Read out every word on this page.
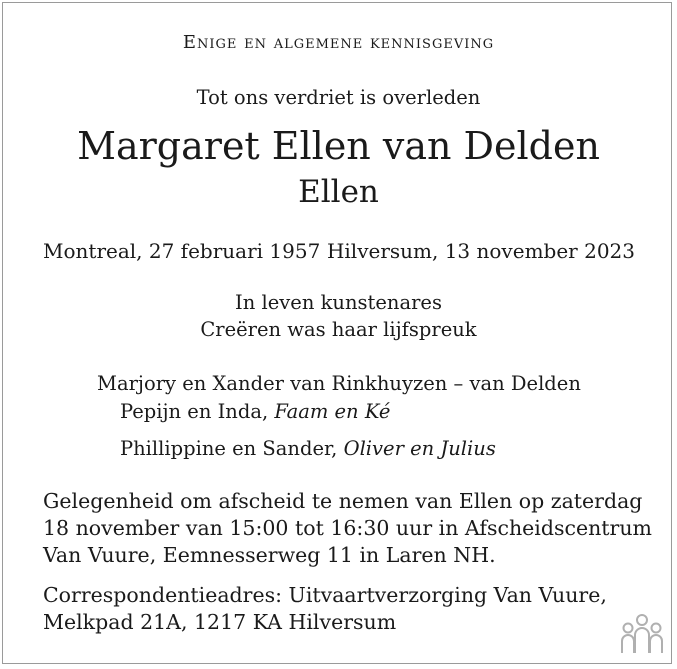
Enige en algemene kennisgeving
Tot ons verdriet is overleden
Margaret Ellen van Delden
Ellen
Montreal, 27 februari 1957 Hilversum, 13 november 2023
In leven kunstenares
Creëren was haar lijfspreuk
Marjory en Xander van Rinkhuyzen – van Delden
Pepijn en Inda, Faam en Ké
Phillippine en Sander, Oliver en Julius
Gelegenheid om afscheid te nemen van Ellen op zaterdag
18 november van 15:00 tot 16:30 uur in Afscheidscentrum
Van Vuure, Eemnesserweg 11 in Laren NH.
Correspondentieadres: Uitvaartverzorging Van Vuure,
Melkpad 21A, 1217 KA Hilversum
